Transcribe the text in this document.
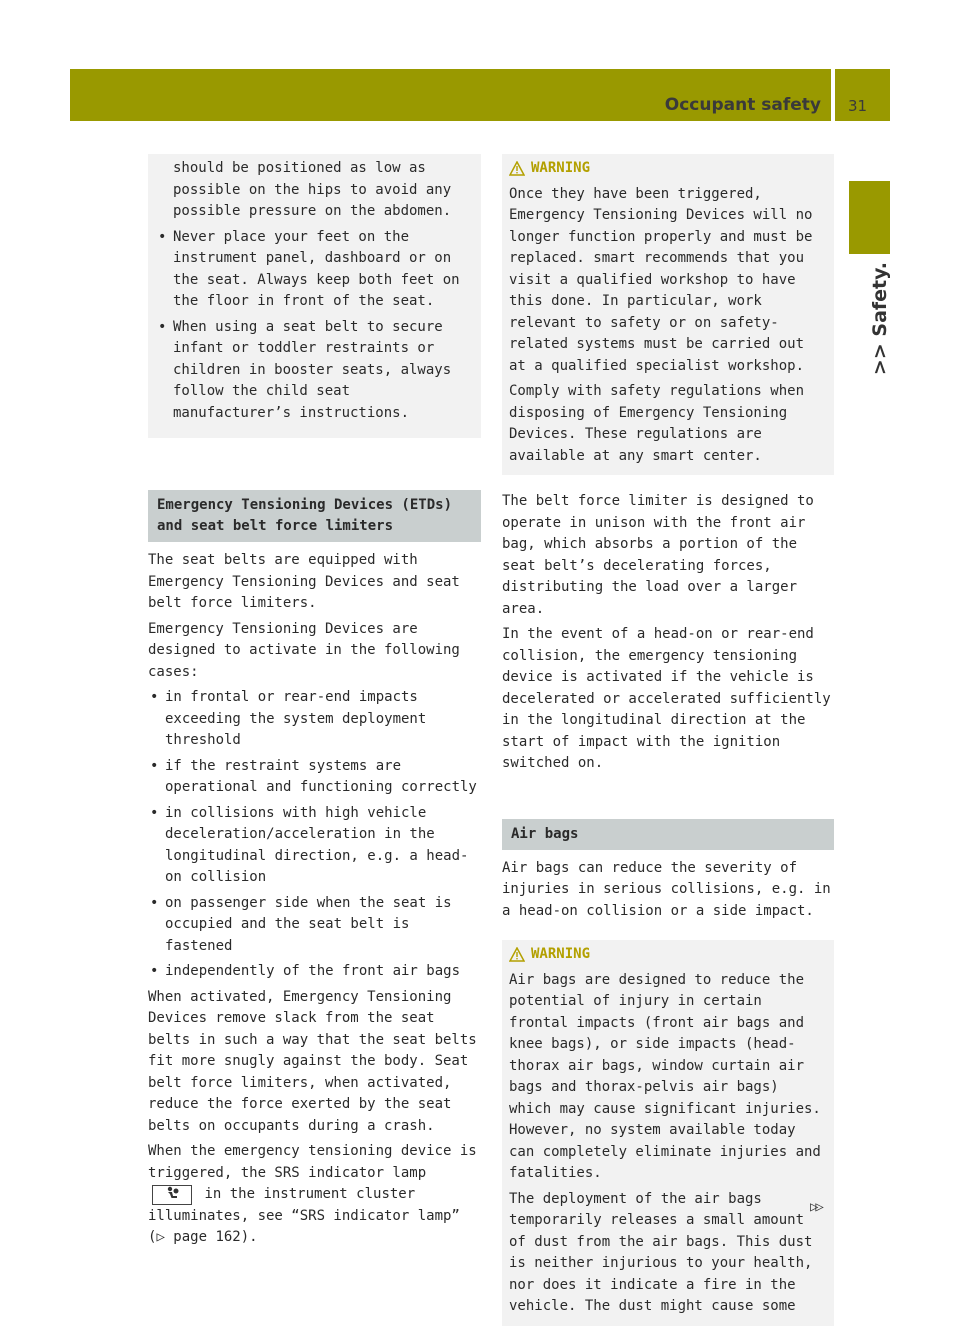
Occupant safety 31
>> Safety.

should be positioned as low as possible on the hips to avoid any possible pressure on the abdomen.

• Never place your feet on the instrument panel, dashboard or on the seat. Always keep both feet on the floor in front of the seat.
• When using a seat belt to secure infant or toddler restraints or children in booster seats, always follow the child seat manufacturer’s instructions.
Emergency Tensioning Devices (ETDs) and seat belt force limiters

The seat belts are equipped with Emergency Tensioning Devices and seat belt force limiters.

Emergency Tensioning Devices are designed to activate in the following cases:

• in frontal or rear-end impacts exceeding the system deployment threshold
• if the restraint systems are operational and functioning correctly
• in collisions with high vehicle deceleration/acceleration in the longitudinal direction, e.g. a head-on collision
• on passenger side when the seat is occupied and the seat belt is fastened
• independently of the front air bags

When activated, Emergency Tensioning Devices remove slack from the seat belts in such a way that the seat belts fit more snugly against the body. Seat belt force limiters, when activated, reduce the force exerted by the seat belts on occupants during a crash.

When the emergency tensioning device is triggered, the SRS indicator lamp  in the instrument cluster illuminates, see “SRS indicator lamp” (▷ page 162).

WARNING

Once they have been triggered, Emergency Tensioning Devices will no longer function properly and must be replaced. smart recommends that you visit a qualified workshop to have this done. In particular, work relevant to safety or on safety-related systems must be carried out at a qualified specialist workshop.

Comply with safety regulations when disposing of Emergency Tensioning Devices. These regulations are available at any smart center.

The belt force limiter is designed to operate in unison with the front air bag, which absorbs a portion of the seat belt’s decelerating forces, distributing the load over a larger area.

In the event of a head-on or rear-end collision, the emergency tensioning device is activated if the vehicle is decelerated or accelerated sufficiently in the longitudinal direction at the start of impact with the ignition switched on.

Air bags

Air bags can reduce the severity of injuries in serious collisions, e.g. in a head-on collision or a side impact.

WARNING

Air bags are designed to reduce the potential of injury in certain frontal impacts (front air bags and knee bags), or side impacts (head-thorax air bags, window curtain air bags and thorax-pelvis air bags) which may cause significant injuries. However, no system available today can completely eliminate injuries and fatalities.

The deployment of the air bags temporarily releases a small amount of dust from the air bags. This dust is neither injurious to your health, nor does it indicate a fire in the vehicle. The dust might cause some

▷▷
